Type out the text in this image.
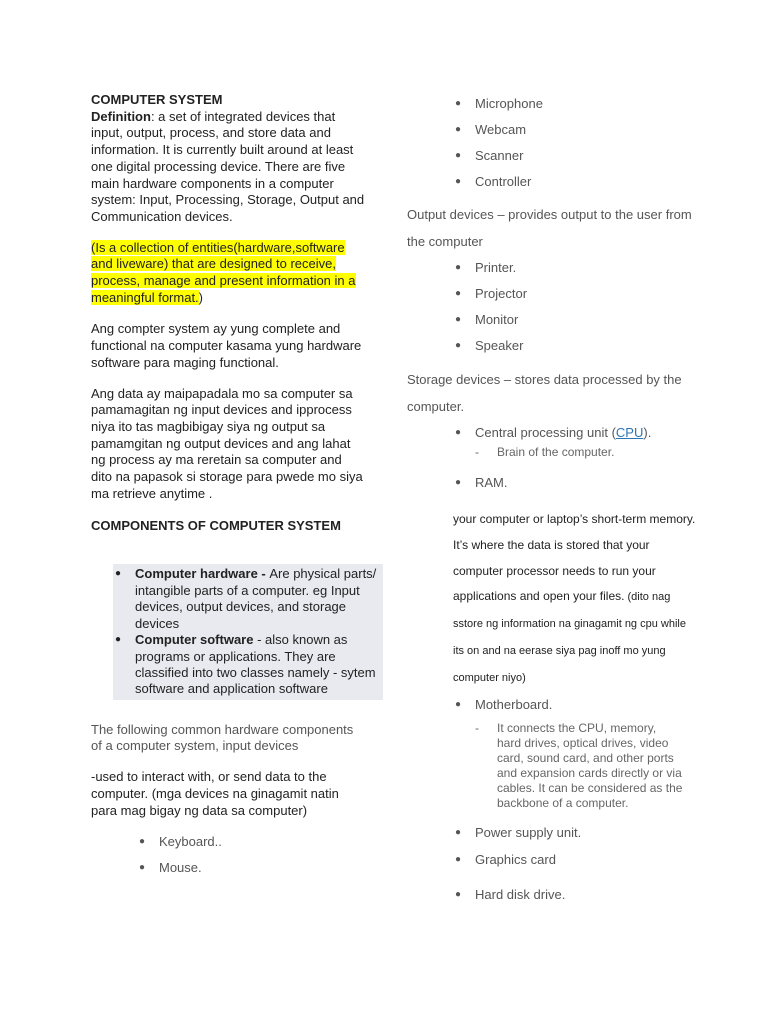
COMPUTER SYSTEM
Definition: a set of integrated devices that input, output, process, and store data and information. It is currently built around at least one digital processing device. There are five main hardware components in a computer system: Input, Processing, Storage, Output and Communication devices.

(Is a collection of entities(hardware,software and liveware) that are designed to receive, process, manage and present information in a meaningful format.)

Ang compter system ay yung complete and functional na computer kasama yung hardware software para maging functional.

Ang data ay maipapadala mo sa computer sa pamamagitan ng input devices and ipprocess niya ito tas magbibigay siya ng output sa pamamgitan ng output devices and ang lahat ng process ay ma reretain sa computer and dito na papasok si storage para pwede mo siya ma retrieve anytime .

COMPONENTS OF COMPUTER SYSTEM

● Computer hardware - Are physical parts/ intangible parts of a computer. eg Input devices, output devices, and storage devices
● Computer software - also known as programs or applications. They are classified into two classes namely - sytem software and application software

The following common hardware components of a computer system, input devices

-used to interact with, or send data to the computer. (mga devices na ginagamit natin para mag bigay ng data sa computer)

● Keyboard..
● Mouse.
● Microphone
● Webcam
● Scanner
● Controller

Output devices – provides output to the user from the computer

● Printer.
● Projector
● Monitor
● Speaker

Storage devices – stores data processed by the computer.

● Central processing unit (CPU).

- Brain of the computer.

● RAM.

your computer or laptop’s short-term memory. It’s where the data is stored that your computer processor needs to run your applications and open your files. (dito nag sstore ng information na ginagamit ng cpu while its on and na eerase siya pag inoff mo yung computer niyo)

● Motherboard.

- It connects the CPU, memory, hard drives, optical drives, video card, sound card, and other ports and expansion cards directly or via cables. It can be considered as the backbone of a computer.

● Power supply unit.
● Graphics card
● Hard disk drive.
